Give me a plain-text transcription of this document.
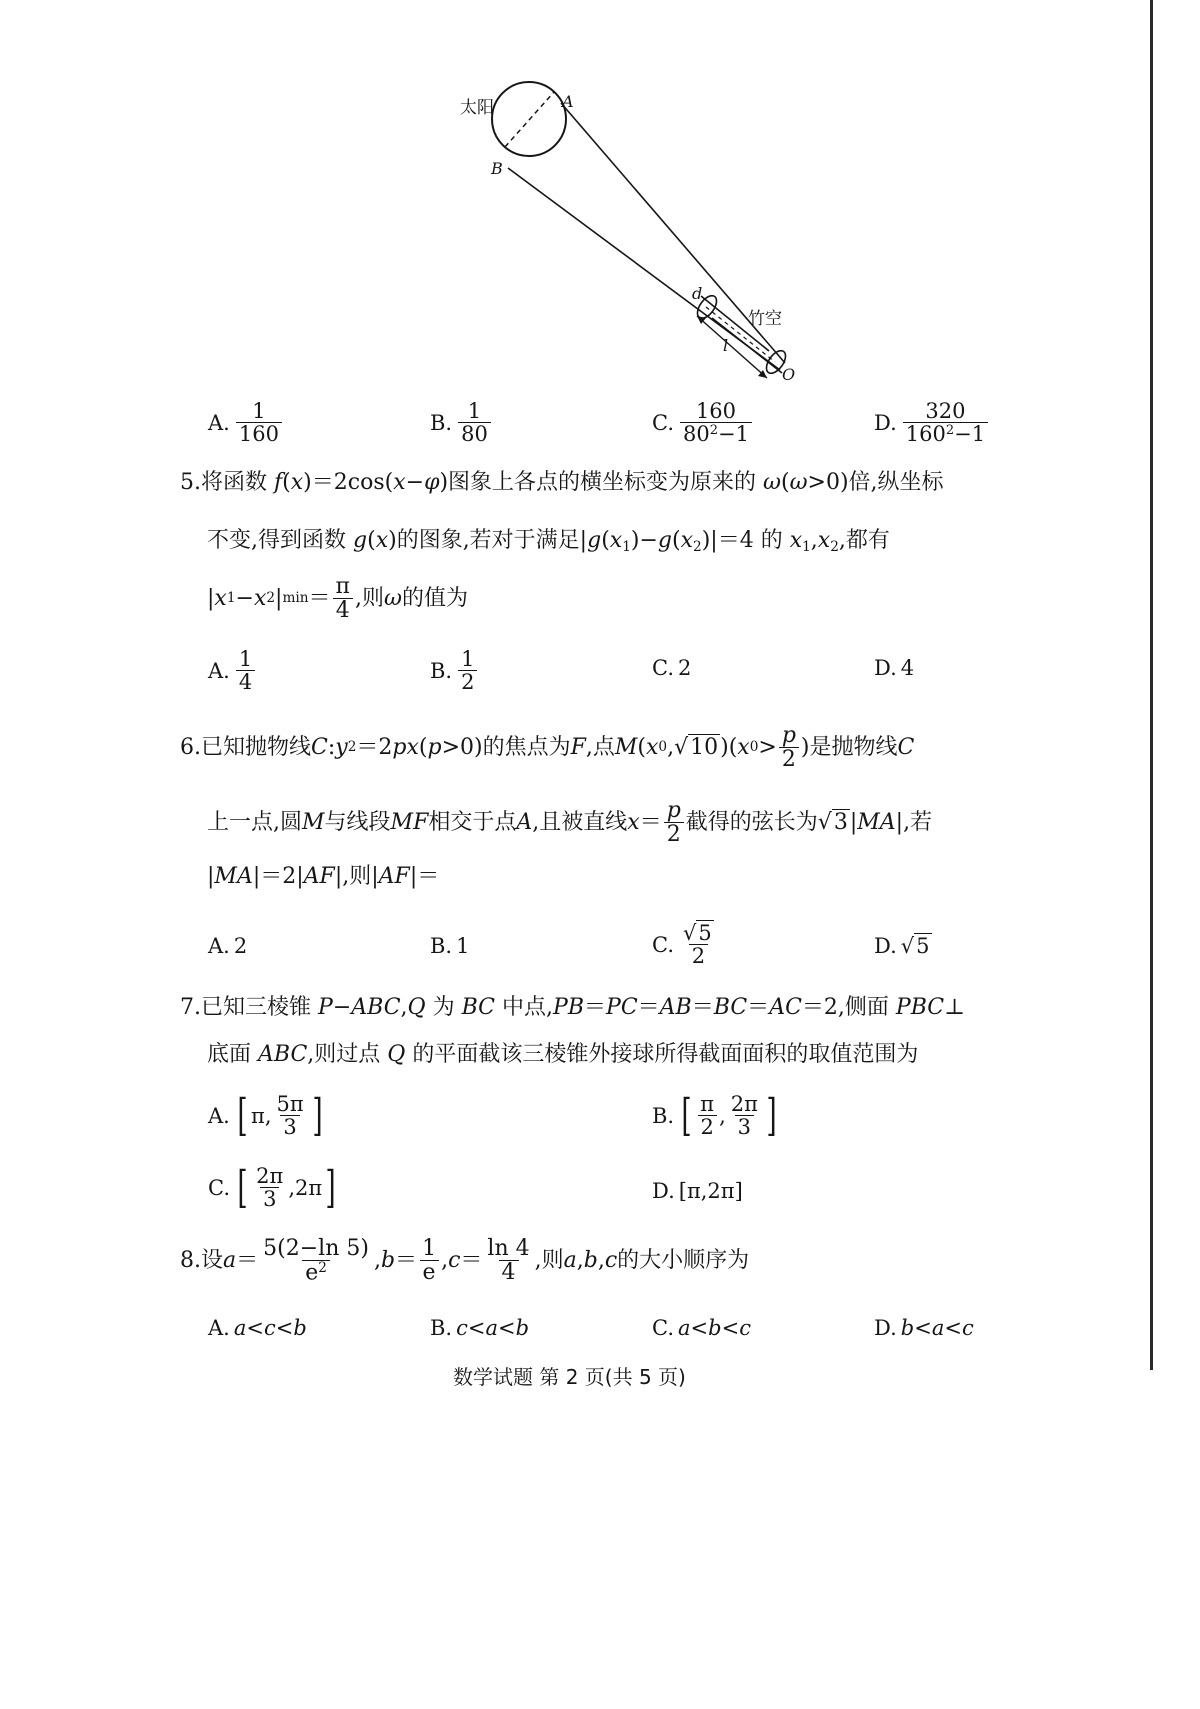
太阳	A
B
d
l
O
竹空
A. $\frac{1}{160}$	B. $\frac{1}{80}$	C. $\frac{160}{80^2-1}$	D. $\frac{320}{160^2-1}$
5.将函数 f(x)＝2cos(x−φ)图象上各点的横坐标变为原来的 ω(ω>0)倍,纵坐标
不变,得到函数 g(x)的图象,若对于满足$|g(x_1)-g(x_2)|=4$ 的 $x_1,x_2$,都有
| x 1 − x 2 | $\min = \frac{\pi}{4}$ ,则 ω 的值为
A. $\frac{1}{4}$	B. $\frac{1}{2}$	C. 2	D. 4
6. 已知抛物线 C : y 2 ＝2 px ( p >0)的焦点为 F ,点 M ( x 0 , √10 )( x $0 > \frac{p}{2}$ )是抛物线 C
上一点,圆 M 与线段 MF 相交于点 A ,且被直线 $x = \frac{p}{2}$ 截得的弦长为 √3 | MA |,若
|MA|＝2|AF|,则|AF|＝
A. 2	B. 1	C. $\frac{√5}{2}$	D. √5
7.已知三棱锥 P−ABC,Q 为 BC 中点,PB＝PC＝AB＝BC＝AC＝2,侧面 PBC⊥
底面 ABC,则过点 Q 的平面截该三棱锥外接球所得截面面积的取值范围为
A. [ π , $\frac{5\pi}{3}$ ]	B. [ $\frac{\pi}{2}$ , $\frac{2\pi}{3}$ ]
C. [ $\frac{2\pi}{3}$ , 2π ]	D. [π,2π]
8. 设 $a = \frac{5(2-\ln 5)}{e^2}$ , $b = \frac{1}{e}$ , $c = \frac{\ln 4}{4}$ ,则 a , b , c 的大小顺序为
A. a < c < b	B. c < a < b	C. a < b < c	D. b < a < c
数学试题 第 2 页(共 5 页)
